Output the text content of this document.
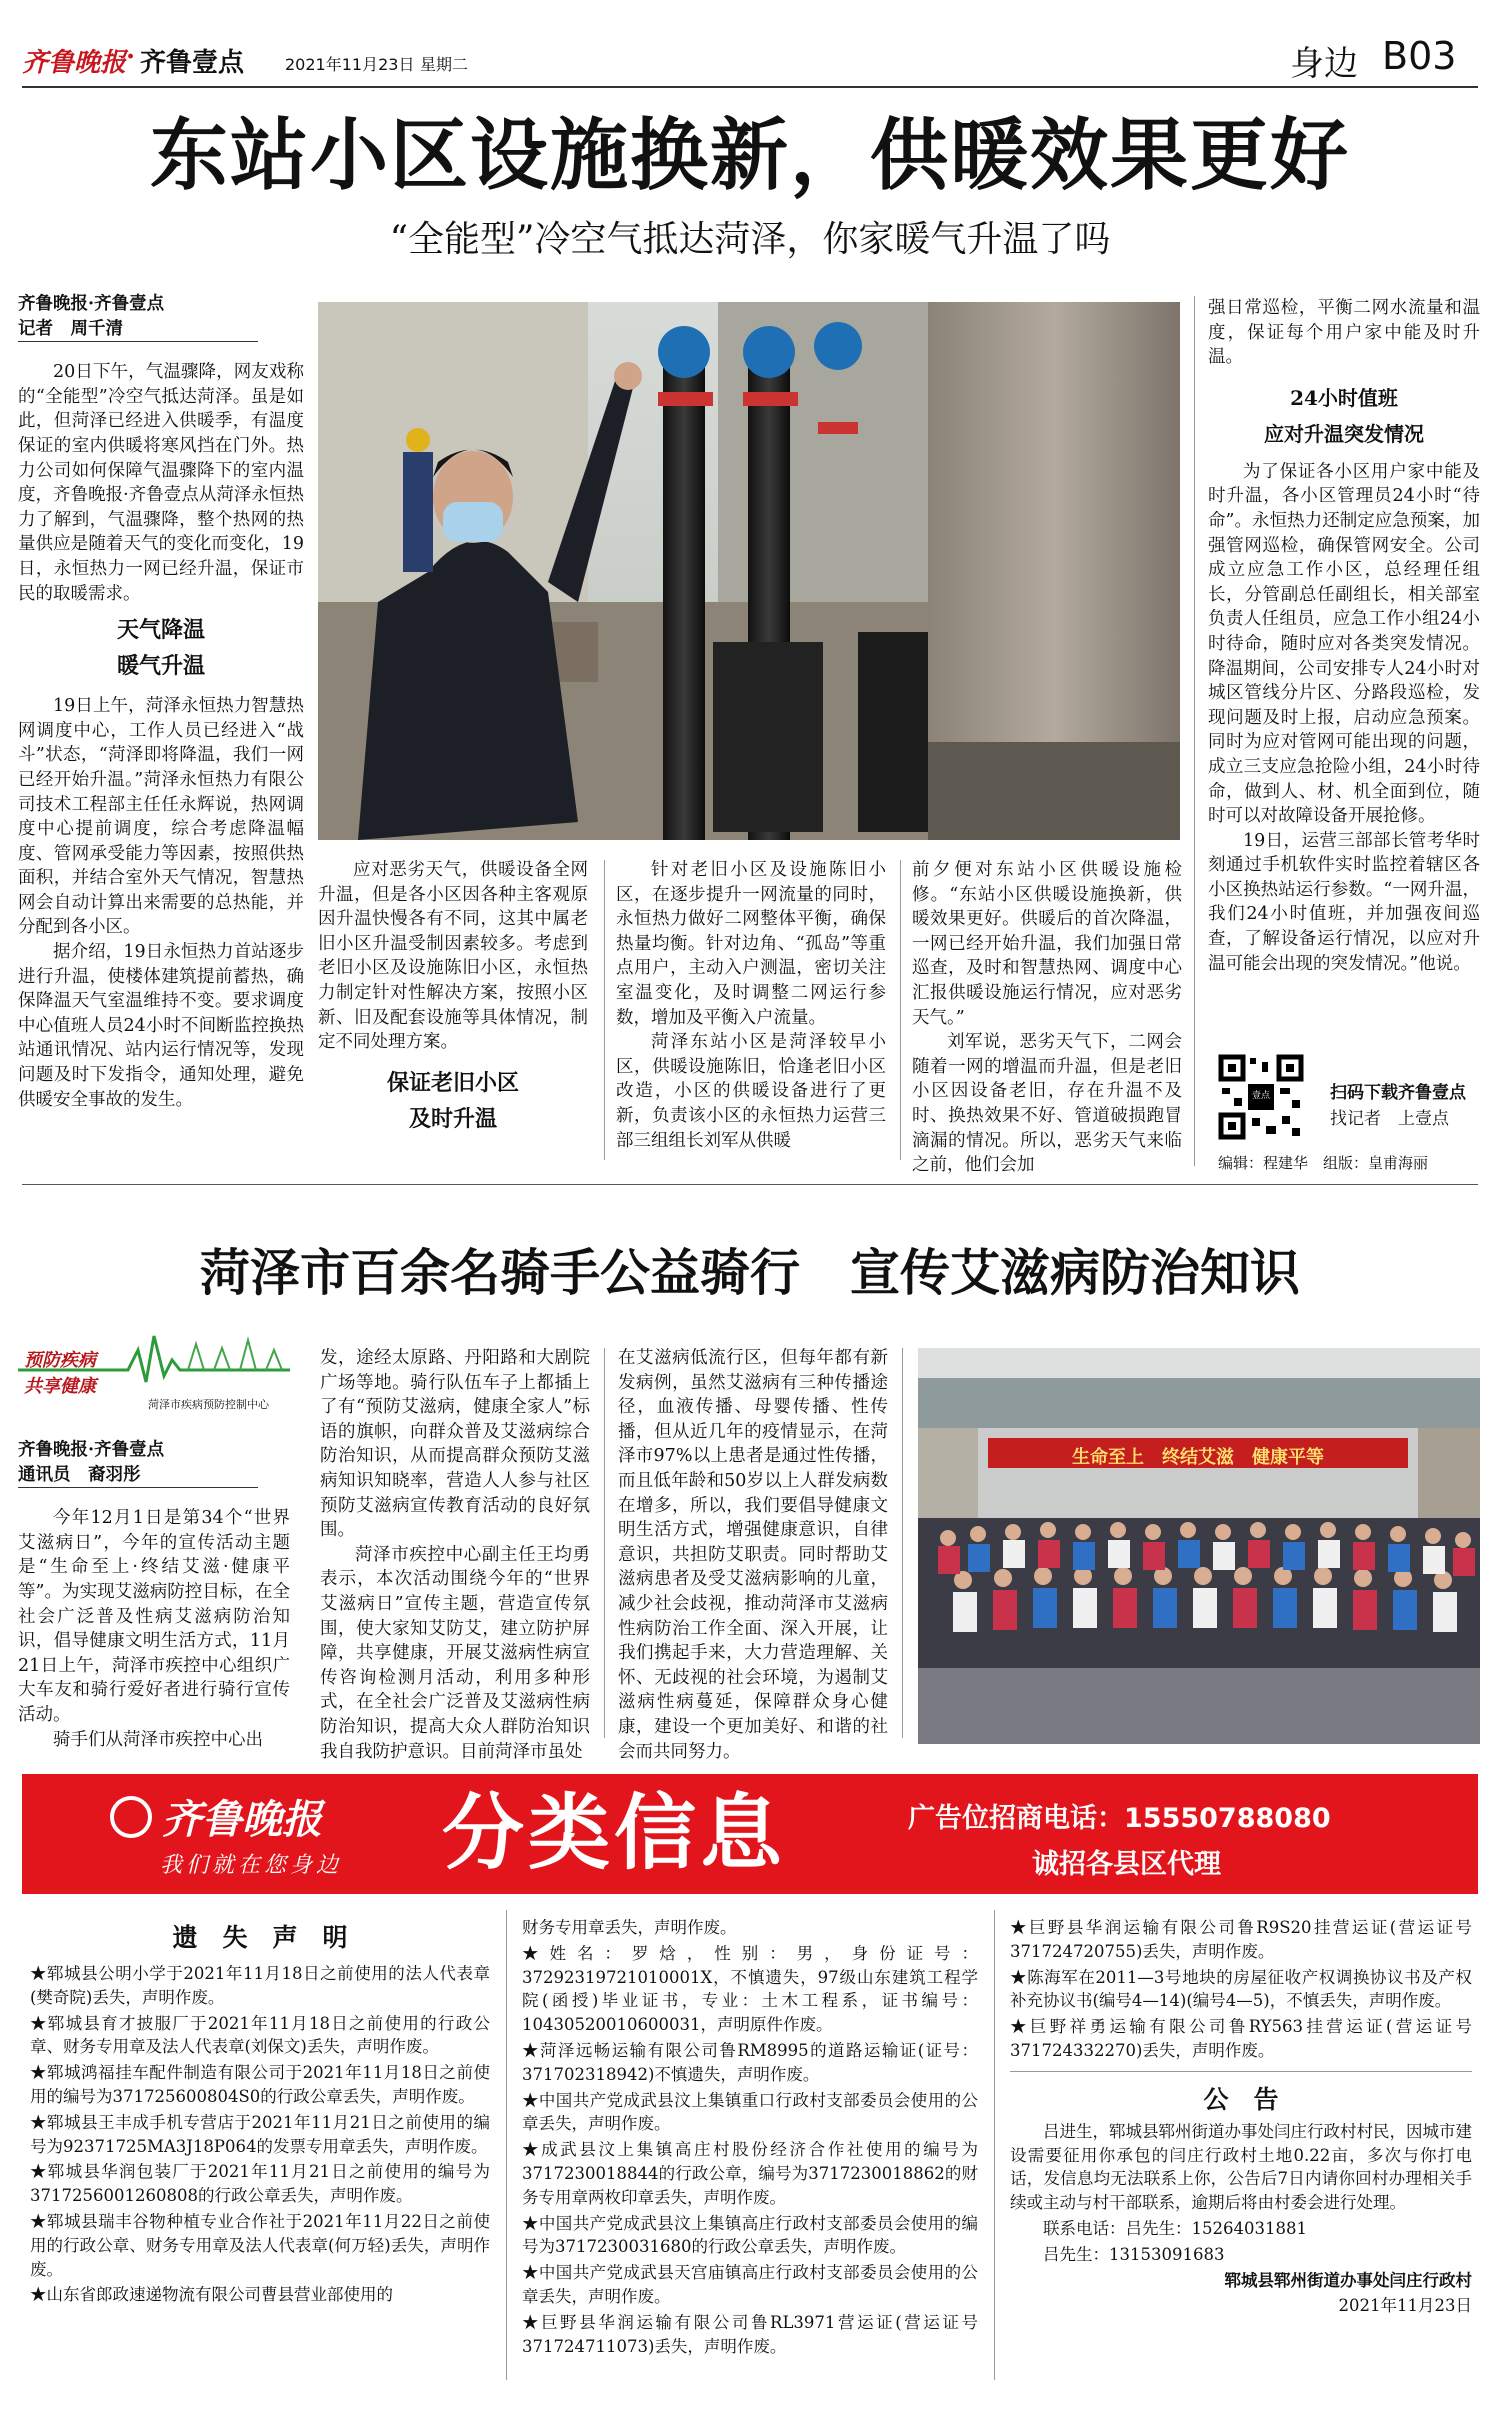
齐鲁晚报 · 齐鲁壹点	2021年11月23日 星期二	身边 B03
东站小区设施换新，供暖效果更好
“全能型”冷空气抵达菏泽，你家暖气升温了吗
齐鲁晚报·齐鲁壹点
记者　周千清

20日下午，气温骤降，网友戏称的“全能型”冷空气抵达菏泽。虽是如此，但菏泽已经进入供暖季，有温度保证的室内供暖将寒风挡在门外。热力公司如何保障气温骤降下的室内温度，齐鲁晚报·齐鲁壹点从菏泽永恒热力了解到，气温骤降，整个热网的热量供应是随着天气的变化而变化，19日，永恒热力一网已经升温，保证市民的取暖需求。

天气降温
暖气升温

19日上午，菏泽永恒热力智慧热网调度中心，工作人员已经进入“战斗”状态，“菏泽即将降温，我们一网已经开始升温。”菏泽永恒热力有限公司技术工程部主任任永辉说，热网调度中心提前调度，综合考虑降温幅度、管网承受能力等因素，按照供热面积，并结合室外天气情况，智慧热网会自动计算出来需要的总热能，并分配到各小区。

据介绍，19日永恒热力首站逐步进行升温，使楼体建筑提前蓄热，确保降温天气室温维持不变。要求调度中心值班人员24小时不间断监控换热站通讯情况、站内运行情况等，发现问题及时下发指令，通知处理，避免供暖安全事故的发生。

应对恶劣天气，供暖设备全网升温，但是各小区因各种主客观原因升温快慢各有不同，这其中属老旧小区升温受制因素较多。考虑到老旧小区及设施陈旧小区，永恒热力制定针对性解决方案，按照小区新、旧及配套设施等具体情况，制定不同处理方案。

保证老旧小区
及时升温

针对老旧小区及设施陈旧小区，在逐步提升一网流量的同时，永恒热力做好二网整体平衡，确保热量均衡。针对边角、“孤岛”等重点用户，主动入户测温，密切关注室温变化，及时调整二网运行参数，增加及平衡入户流量。

菏泽东站小区是菏泽较早小区，供暖设施陈旧，恰逢老旧小区改造，小区的供暖设备进行了更新，负责该小区的永恒热力运营三部三组组长刘军从供暖

前夕便对东站小区供暖设施检修。“东站小区供暖设施换新，供暖效果更好。供暖后的首次降温，一网已经开始升温，我们加强日常巡查，及时和智慧热网、调度中心汇报供暖设施运行情况，应对恶劣天气。”

刘军说，恶劣天气下，二网会随着一网的增温而升温，但是老旧小区因设备老旧，存在升温不及时、换热效果不好、管道破损跑冒滴漏的情况。所以，恶劣天气来临之前，他们会加

强日常巡检，平衡二网水流量和温度，保证每个用户家中能及时升温。

24小时值班
应对升温突发情况

为了保证各小区用户家中能及时升温，各小区管理员24小时“待命”。永恒热力还制定应急预案，加强管网巡检，确保管网安全。公司成立应急工作小区，总经理任组长，分管副总任副组长，相关部室负责人任组员，应急工作小组24小时待命，随时应对各类突发情况。降温期间，公司安排专人24小时对城区管线分片区、分路段巡检，发现问题及时上报，启动应急预案。同时为应对管网可能出现的问题，成立三支应急抢险小组，24小时待命，做到人、材、机全面到位，随时可以对故障设备开展抢修。

19日，运营三部部长管考华时刻通过手机软件实时监控着辖区各小区换热站运行参数。“一网升温，我们24小时值班，并加强夜间巡查，了解设备运行情况，以应对升温可能会出现的突发情况。”他说。

壹点	扫码下载齐鲁壹点
找记者　上壹点
编辑：程建华　组版：皇甫海丽
菏泽市百余名骑手公益骑行　宣传艾滋病防治知识
预防疾病
共享健康
菏泽市疾病预防控制中心
齐鲁晚报·齐鲁壹点
通讯员　裔羽彤

今年12月1日是第34个“世界艾滋病日”，今年的宣传活动主题是“生命至上·终结艾滋·健康平等”。为实现艾滋病防控目标，在全社会广泛普及性病艾滋病防治知识，倡导健康文明生活方式，11月21日上午，菏泽市疾控中心组织广大车友和骑行爱好者进行骑行宣传活动。

骑手们从菏泽市疾控中心出

发，途经太原路、丹阳路和大剧院广场等地。骑行队伍车子上都插上了有“预防艾滋病，健康全家人”标语的旗帜，向群众普及艾滋病综合防治知识，从而提高群众预防艾滋病知识知晓率，营造人人参与社区预防艾滋病宣传教育活动的良好氛围。

菏泽市疾控中心副主任王均勇表示，本次活动围绕今年的“世界艾滋病日”宣传主题，营造宣传氛围，使大家知艾防艾，建立防护屏障，共享健康，开展艾滋病性病宣传咨询检测月活动，利用多种形式，在全社会广泛普及艾滋病性病防治知识，提高大众人群防治知识我自我防护意识。目前菏泽市虽处

在艾滋病低流行区，但每年都有新发病例，虽然艾滋病有三种传播途径，血液传播、母婴传播、性传播，但从近几年的疫情显示，在菏泽市97%以上患者是通过性传播，而且低年龄和50岁以上人群发病数在增多，所以，我们要倡导健康文明生活方式，增强健康意识，自律意识，共担防艾职责。同时帮助艾滋病患者及受艾滋病影响的儿童，减少社会歧视，推动菏泽市艾滋病性病防治工作全面、深入开展，让我们携起手来，大力营造理解、关怀、无歧视的社会环境，为遏制艾滋病性病蔓延，保障群众身心健康，建设一个更加美好、和谐的社会而共同努力。

生命至上　终结艾滋　健康平等
齐鲁晚报
我们就在您身边 分类信息	广告位招商电话：15550788080
诚招各县区代理
遗　失　声　明

★郓城县公明小学于2021年11月18日之前使用的法人代表章(樊奇院)丢失，声明作废。

★郓城县育才披服厂于2021年11月18日之前使用的行政公章、财务专用章及法人代表章(刘保文)丢失，声明作废。

★郓城鸿福挂车配件制造有限公司于2021年11月18日之前使用的编号为371725600804S0的行政公章丢失，声明作废。

★郓城县王丰成手机专营店于2021年11月21日之前使用的编号为92371725MA3J18P064的发票专用章丢失，声明作废。

★郓城县华润包装厂于2021年11月21日之前使用的编号为3717256001260808的行政公章丢失，声明作废。

★郓城县瑞丰谷物种植专业合作社于2021年11月22日之前使用的行政公章、财务专用章及法人代表章(何万轻)丢失，声明作废。

★山东省郎政速递物流有限公司曹县营业部使用的

财务专用章丢失，声明作废。

★姓名：罗焓，性别：男，身份证号：37292319721010001X，不慎遗失，97级山东建筑工程学院(函授)毕业证书，专业：土木工程系，证书编号：10430520010600031，声明原件作废。

★菏泽远畅运输有限公司鲁RM8995的道路运输证(证号：371702318942)不慎遗失，声明作废。

★中国共产党成武县汶上集镇重口行政村支部委员会使用的公章丢失，声明作废。

★成武县汶上集镇高庄村股份经济合作社使用的编号为3717230018844的行政公章，编号为3717230018862的财务专用章两枚印章丢失，声明作废。

★中国共产党成武县汶上集镇高庄行政村支部委员会使用的编号为3717230031680的行政公章丢失，声明作废。

★中国共产党成武县天宫庙镇高庄行政村支部委员会使用的公章丢失，声明作废。

★巨野县华润运输有限公司鲁RL3971营运证(营运证号371724711073)丢失，声明作废。

★巨野县华润运输有限公司鲁R9S20挂营运证(营运证号371724720755)丢失，声明作废。

★陈海军在2011—3号地块的房屋征收产权调换协议书及产权补充协议书(编号4—14)(编号4—5)，不慎丢失，声明作废。

★巨野祥勇运输有限公司鲁RY563挂营运证(营运证号371724332270)丢失，声明作废。

公　告

吕进生，郓城县郓州街道办事处闫庄行政村村民，因城市建设需要征用你承包的闫庄行政村土地0.22亩，多次与你打电话，发信息均无法联系上你，公告后7日内请你回村办理相关手续或主动与村干部联系，逾期后将由村委会进行处理。

联系电话：吕先生：15264031881

吕先生：13153091683

郓城县郓州街道办事处闫庄行政村

2021年11月23日
